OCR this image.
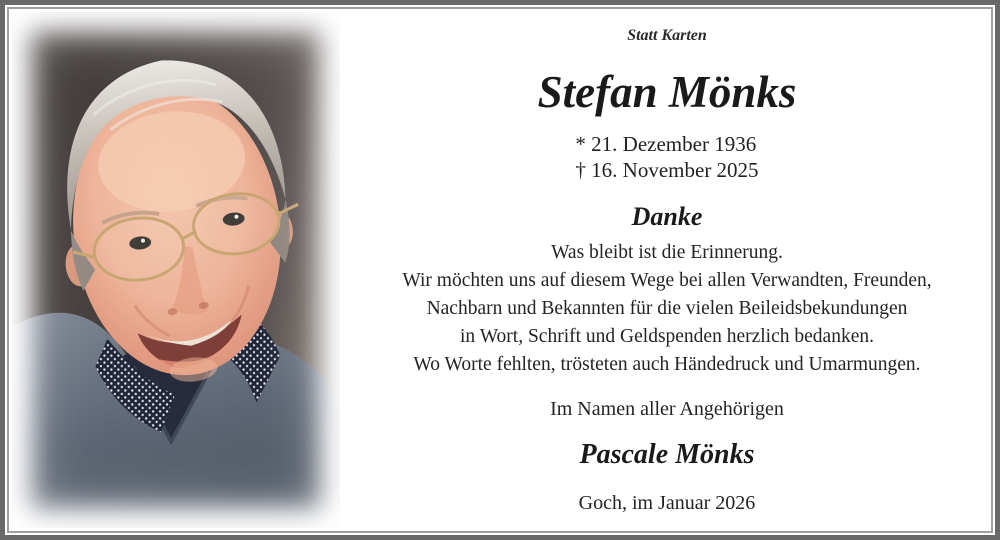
Statt Karten
Stefan Mönks
* 21. Dezember 1936
† 16. November 2025
Danke
Was bleibt ist die Erinnerung.
Wir möchten uns auf diesem Wege bei allen Verwandten, Freunden,
Nachbarn und Bekannten für die vielen Beileidsbekundungen
in Wort, Schrift und Geldspenden herzlich bedanken.
Wo Worte fehlten, trösteten auch Händedruck und Umarmungen.
Im Namen aller Angehörigen
Pascale Mönks
Goch, im Januar 2026
